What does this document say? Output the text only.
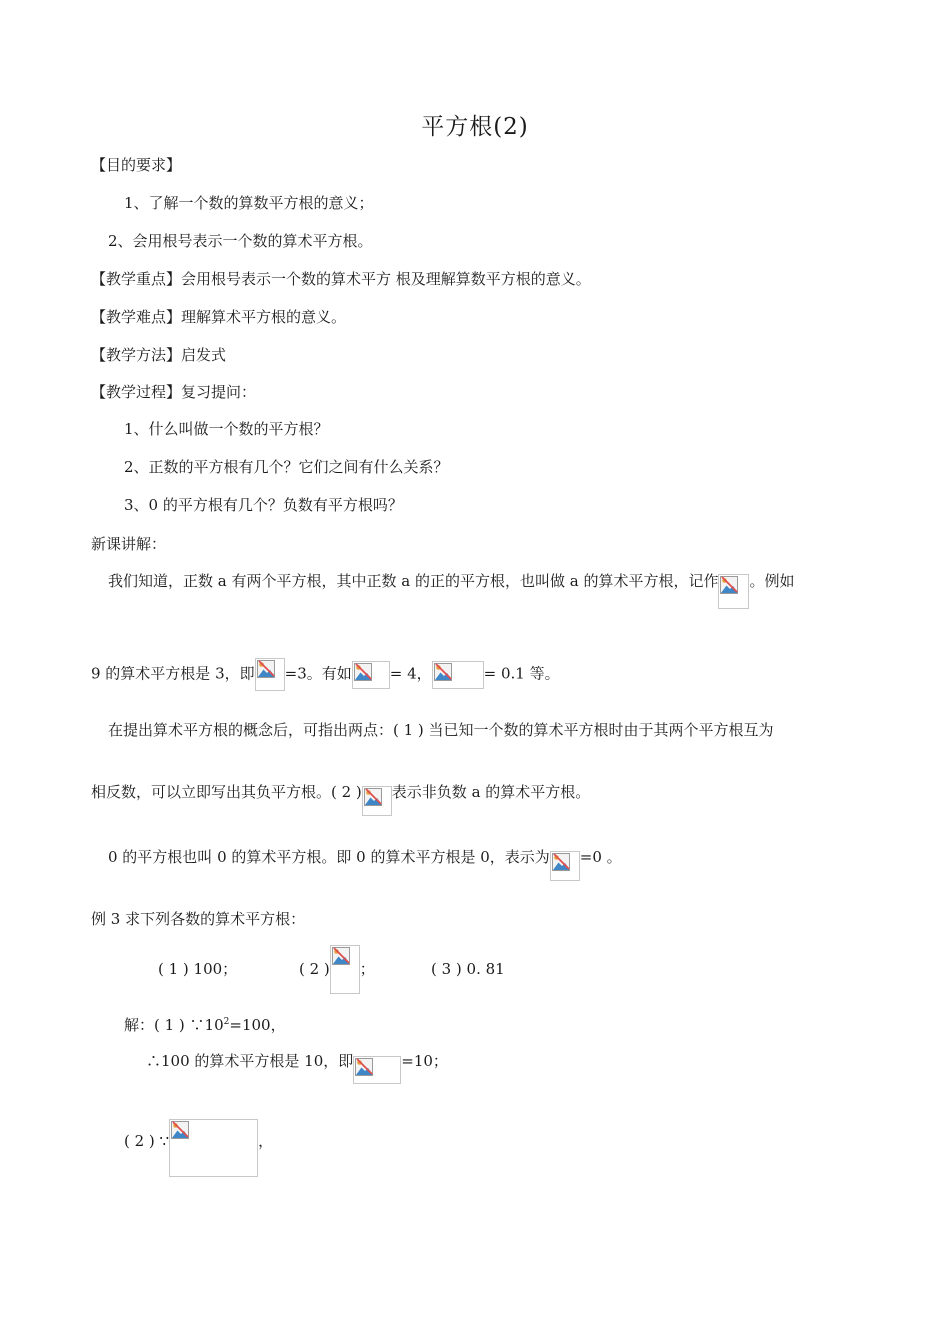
平方根(2)
【目的要求】
1、了解一个数的算数平方根的意义；
2、会用根号表示一个数的算术平方根。
【教学重点】会用根号表示一个数的算术平方 根及理解算数平方根的意义。
【教学难点】理解算术平方根的意义。
【教学方法】启发式
【教学过程】复习提问：
1、什么叫做一个数的平方根？
2、正数的平方根有几个？它们之间有什么关系？
3、0 的平方根有几个？负数有平方根吗？
新课讲解：
我们知道，正数 a 有两个平方根，其中正数 a 的正的平方根，也叫做 a 的算术平方根，记作 。例如
9 的算术平方根是 3，即 =3。有如	= 4，	= 0.1 等。
在提出算术平方根的概念后，可指出两点：( 1 ) 当已知一个数的算术平方根时由于其两个平方根互为
相反数，可以立即写出其负平方根。( 2 ) 表示非负数 a 的算术平方根。
0 的平方根也叫 0 的算术平方根。即 0 的算术平方根是 0，表示为 =0 。
例 3 求下列各数的算术平方根：
( 1 ) 100；	( 2 ) ；	( 3 ) 0. 81
解：( 1 ) $\because 10^2=100$，
∴100 的算术平方根是 10，即	=10；
( 2 ) ∵	，
